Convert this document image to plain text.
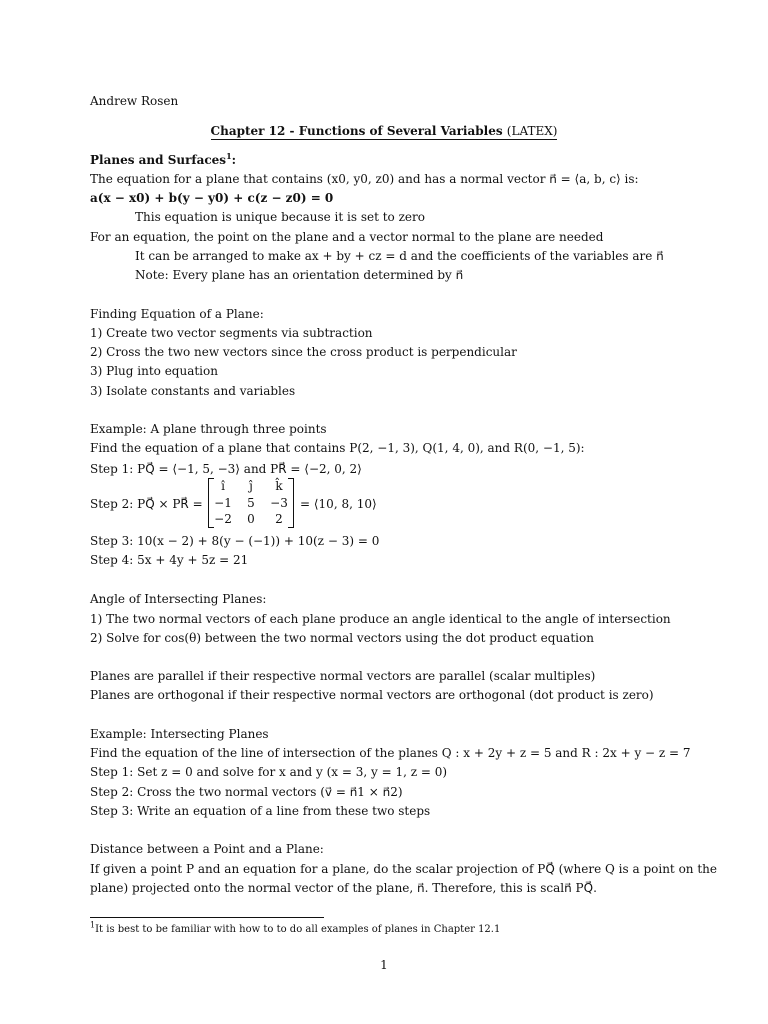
Andrew Rosen
Chapter 12 - Functions of Several Variables (LATEX)
Planes and Surfaces$^1$:
The equation for a plane that contains (x0, y0, z0) and has a normal vector n⃗ = ⟨a, b, c⟩ is:
a(x − x0) + b(y − y0) + c(z − z0) = 0
This equation is unique because it is set to zero
For an equation, the point on the plane and a vector normal to the plane are needed
It can be arranged to make ax + by + cz = d and the coefficients of the variables are n⃗
Note: Every plane has an orientation determined by n⃗
Finding Equation of a Plane:
1) Create two vector segments via subtraction
2) Cross the two new vectors since the cross product is perpendicular
3) Plug into equation
3) Isolate constants and variables
Example: A plane through three points
Find the equation of a plane that contains P(2, −1, 3), Q(1, 4, 0), and R(0, −1, 5):
Step 1: PQ⃗ = ⟨−1, 5, −3⟩ and PR⃗ = ⟨−2, 0, 2⟩
Step 2: PQ⃗ × PR⃗ =
î	ĵ	k̂
−1	5	−3
−2	0	2
= ⟨10, 8, 10⟩
Step 3: 10(x − 2) + 8(y − (−1)) + 10(z − 3) = 0
Step 4: 5x + 4y + 5z = 21
Angle of Intersecting Planes:
1) The two normal vectors of each plane produce an angle identical to the angle of intersection
2) Solve for cos(θ) between the two normal vectors using the dot product equation
Planes are parallel if their respective normal vectors are parallel (scalar multiples)
Planes are orthogonal if their respective normal vectors are orthogonal (dot product is zero)
Example: Intersecting Planes
Find the equation of the line of intersection of the planes Q : x + 2y + z = 5 and R : 2x + y − z = 7
Step 1: Set z = 0 and solve for x and y (x = 3, y = 1, z = 0)
Step 2: Cross the two normal vectors (v⃗ = n⃗1 × n⃗2)
Step 3: Write an equation of a line from these two steps
Distance between a Point and a Plane:
If given a point P and an equation for a plane, do the scalar projection of PQ⃗ (where Q is a point on the
plane) projected onto the normal vector of the plane, n⃗. Therefore, this is scaln⃗ PQ⃗.
$^1$It is best to be familiar with how to to do all examples of planes in Chapter 12.1
1
